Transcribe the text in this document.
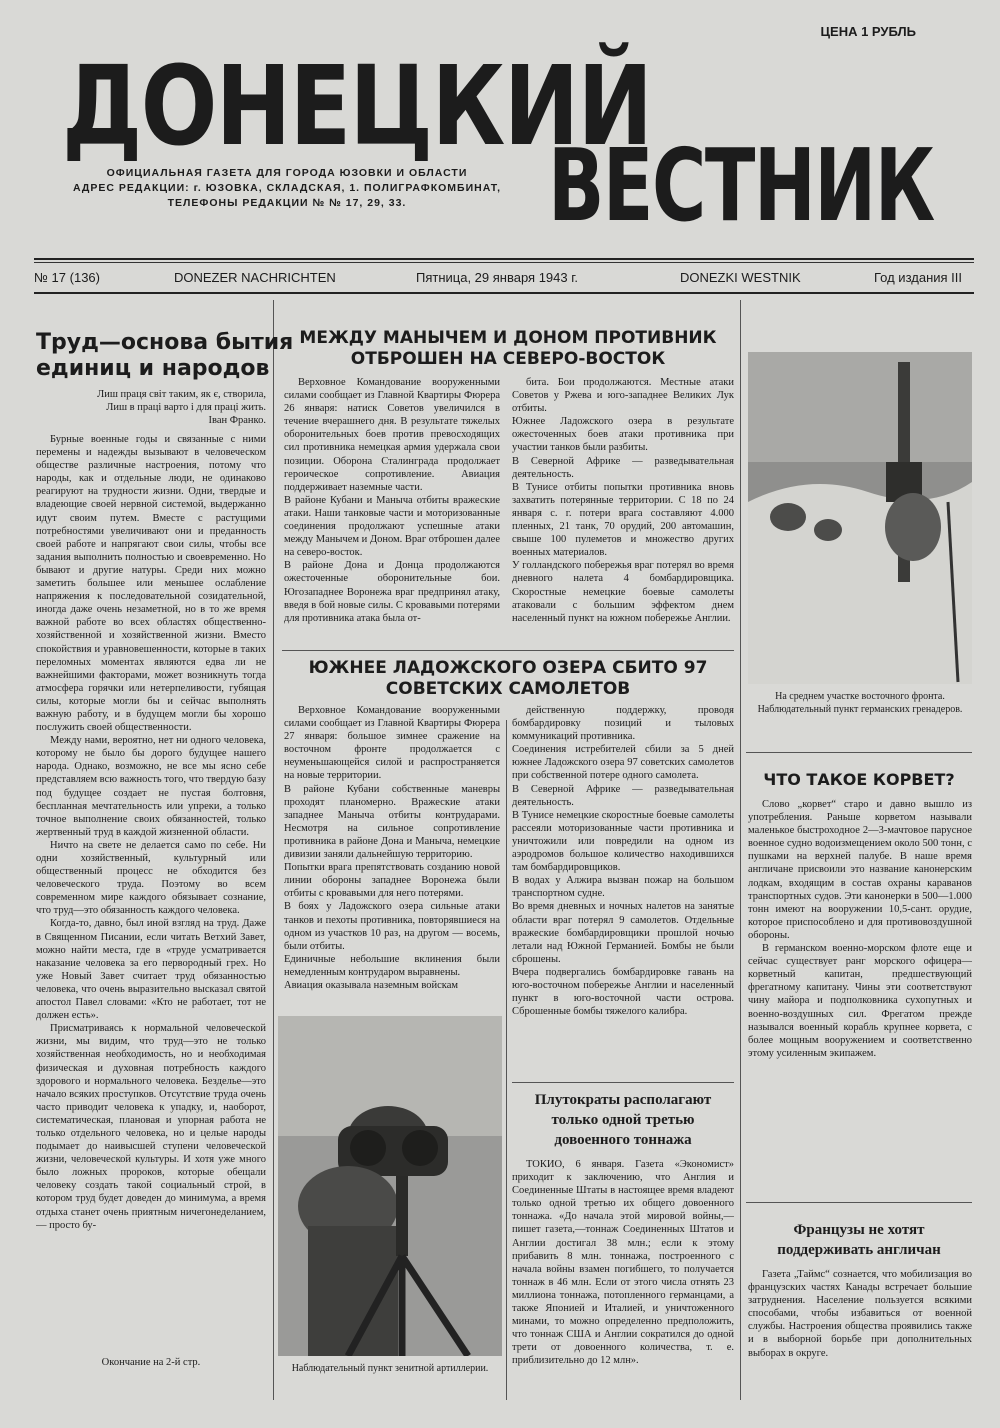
ЦЕНА 1 РУБЛЬ
ДОНЕЦКИЙ
ВЕСТНИК
ОФИЦИАЛЬНАЯ ГАЗЕТА ДЛЯ ГОРОДА ЮЗОВКИ И ОБЛАСТИ
АДРЕС РЕДАКЦИИ: г. ЮЗОВКА, СКЛАДСКАЯ, 1. ПОЛИГРАФКОМБИНАТ,
ТЕЛЕФОНЫ РЕДАКЦИИ № № 17, 29, 33.
№ 17 (136)	DONEZER NACHRICHTEN	Пятница, 29 января 1943 г.	DONEZKI WESTNIK	Год издания III
Труд—основа бытия
единиц и народов
Лиш праця свiт таким, як є, створила,
Лиш в працi варто i для працi жить.
Iван Франко.

Бурные военные годы и связанные с ними перемены и надежды вызывают в человеческом обществе различные настроения, потому что народы, как и отдельные люди, не одинаково реагируют на трудности жизни. Одни, твердые и владеющие своей нервной системой, выдержанно идут своим путем. Вместе с растущими потребностями увеличивают они и преданность своей работе и напрягают свои силы, чтобы все задания выполнить полностью и своевременно. Но бывают и другие натуры. Среди них можно заметить большее или меньшее ослабление напряжения к последовательной созидательной, иногда даже очень незаметной, но в то же время важной работе во всех областях общественно-хозяйственной и хозяйственной жизни. Вместо спокойствия и уравновешенности, которые в таких переломных моментах являются едва ли не важнейшими факторами, может возникнуть тогда атмосфера горячки или нетерпеливости, губящая силы, которые могли бы и сейчас выполнять важную работу, и в будущем могли бы хорошо послужить своей общественности.

Между нами, вероятно, нет ни одного человека, которому не было бы дорого будущее нашего народа. Однако, возможно, не все мы ясно себе представляем всю важность того, что твердую базу под будущее создает не пустая болтовня, беспланная мечтательность или упреки, а только точное выполнение своих обязанностей, только жертвенный труд в каждой жизненной области.

Ничто на свете не делается само по себе. Ни одни хозяйственный, культурный или общественный процесс не обходится без человеческого труда. Поэтому во всем современном мире каждого обязывает сознание, что труд—это обязанность каждого человека.

Когда-то, давно, был иной взгляд на труд. Даже в Священном Писании, если читать Ветхий Завет, можно найти места, где в «труде усматривается наказание человека за его первородный грех. Но уже Новый Завет считает труд обязанностью человека, что очень выразительно высказал святой апостол Павел словами: «Кто не работает, тот не должен есть».

Присматриваясь к нормальной человеческой жизни, мы видим, что труд—это не только хозяйственная необходимость, но и необходимая физическая и духовная потребность каждого здорового и нормального человека. Безделье—это начало всяких проступков. Отсутствие труда очень часто приводит человека к упадку, и, наоборот, систематическая, плановая и упорная работа не только отдельного человека, но и целые народы подымает до наивысшей ступени человеческой жизни, человеческой культуры. И хотя уже много было ложных пророков, которые обещали человеку создать такой социальный строй, в котором труд будет доведен до минимума, а время отдыха станет очень приятным ничегонеделанием, — просто бу-

Окончание на 2-й стр.
МЕЖДУ МАНЫЧЕМ И ДОНОМ ПРОТИВНИК
ОТБРОШЕН НА СЕВЕРО-ВОСТОК
Верховное Командование вооруженными силами сообщает из Главной Квартиры Фюрера 26 января: натиск Советов увеличился в течение вчерашнего дня. В результате тяжелых оборонительных боев против превосходящих сил противника немецкая армия удержала свои позиции. Оборона Сталинграда продолжает героическое сопротивление. Авиация поддерживает наземные части.
В районе Кубани и Маныча отбиты вражеские атаки. Наши танковые части и моторизованные соединения продолжают успешные атаки между Манычем и Доном. Враг отброшен далее на северо-восток.
В районе Дона и Донца продолжаются ожесточенные оборонительные бои. Югозападнее Воронежа враг предпринял атаку, введя в бой новые силы. С кровавыми потерями для противника атака была от-
бита. Бои продолжаются. Местные атаки Советов у Ржева и юго-западнее Великих Лук отбиты.
Южнее Ладожского озера в результате ожесточенных боев атаки противника при участии танков были разбиты.
В Северной Африке — разведывательная деятельность.
В Тунисе отбиты попытки противника вновь захватить потерянные территории. С 18 по 24 января с. г. потери врага составляют 4.000 пленных, 21 танк, 70 орудий, 200 автомашин, свыше 100 пулеметов и множество других военных материалов.
У голландского побережья враг потерял во время дневного налета 4 бомбардировщика. Скоростные немецкие боевые самолеты атаковали с большим эффектом днем населенный пункт на южном побережье Англии.
ЮЖНЕЕ ЛАДОЖСКОГО ОЗЕРА СБИТО 97
СОВЕТСКИХ САМОЛЕТОВ
Верховное Командование вооруженными силами сообщает из Главной Квартиры Фюрера 27 января: большое зимнее сражение на восточном фронте продолжается с неуменьшающейся силой и распространяется на новые территории.
В районе Кубани собственные маневры проходят планомерно. Вражеские атаки западнее Маныча отбиты контрударами. Несмотря на сильное сопротивление противника в районе Дона и Маныча, немецкие дивизии заняли дальнейшую территорию.
Попытки врага препятствовать созданию новой линии обороны западнее Воронежа были отбиты с кровавыми для него потерями.
В боях у Ладожского озера сильные атаки танков и пехоты противника, повторявшиеся на одном из участков 10 раз, на другом — восемь, были отбиты.
Единичные небольшие вклинения были немедленным контрударом выравнены.
Авиация оказывала наземным войскам
действенную поддержку, проводя бомбардировку позиций и тыловых коммуникаций противника.
Соединения истребителей сбили за 5 дней южнее Ладожского озера 97 советских самолетов при собственной потере одного самолета.
В Северной Африке — разведывательная деятельность.
В Тунисе немецкие скоростные боевые самолеты рассеяли моторизованные части противника и уничтожили или повредили на одном из аэродромов большое количество находившихся там бомбардировщиков.
В водах у Алжира вызван пожар на большом транспортном судне.
Во время дневных и ночных налетов на занятые области враг потерял 9 самолетов. Отдельные вражеские бомбардировщики прошлой ночью летали над Южной Германией. Бомбы не были сброшены.
Вчера подвергались бомбардировке гавань на юго-восточном побережье Англии и населенный пункт в юго-восточной части острова. Сброшенные бомбы тяжелого калибра.
Наблюдательный пункт зенитной артиллерии.
Плутократы располагают
только одной третью
довоенного тоннажа
ТОКИО, 6 января. Газета «Экономист» приходит к заключению, что Англия и Соединенные Штаты в настоящее время владеют только одной третью их общего довоенного тоннажа. «До начала этой мировой войны,—пишет газета,—тоннаж Соединенных Штатов и Англии достигал 38 млн.; если к этому прибавить 8 млн. тоннажа, построенного с начала войны взамен погибшего, то получается тоннаж в 46 млн. Если от этого числа отнять 23 миллиона тоннажа, потопленного германцами, а также Японией и Италией, и уничтоженного минами, то можно определенно предположить, что тоннаж США и Англии сократился до одной трети от довоенного количества, т. е. приблизительно до 12 млн».
На среднем участке восточного фронта.
Наблюдательный пункт германских гренадеров.
ЧТО ТАКОЕ КОРВЕТ?

Слово „корвет“ старо и давно вышло из употребления. Раньше корветом называли маленькое быстроходное 2—3-мачтовое парусное военное судно водоизмещением около 500 тонн, с пушками на верхней палубе. В наше время англичане присвоили это название канонерским лодкам, входящим в состав охраны караванов транспортных судов. Эти канонерки в 500—1.000 тонн имеют на вооружении 10,5-сант. орудие, которое приспособлено и для противовоздушной обороны.

В германском военно-морском флоте еще и сейчас существует ранг морского офицера—корветный капитан, предшествующий фрегатному капитану. Чины эти соответствуют чину майора и подполковника сухопутных и военно-воздушных сил. Фрегатом прежде назывался военный корабль крупнее корвета, с более мощным вооружением и соответственно этому усиленным экипажем.

Французы не хотят
поддерживать англичан
Газета „Таймс“ сознается, что мобилизация во французских частях Канады встречает большие затруднения. Население пользуется всякими способами, чтобы избавиться от военной службы. Настроения общества проявились также и в выборной борьбе при дополнительных выборах в округе.
